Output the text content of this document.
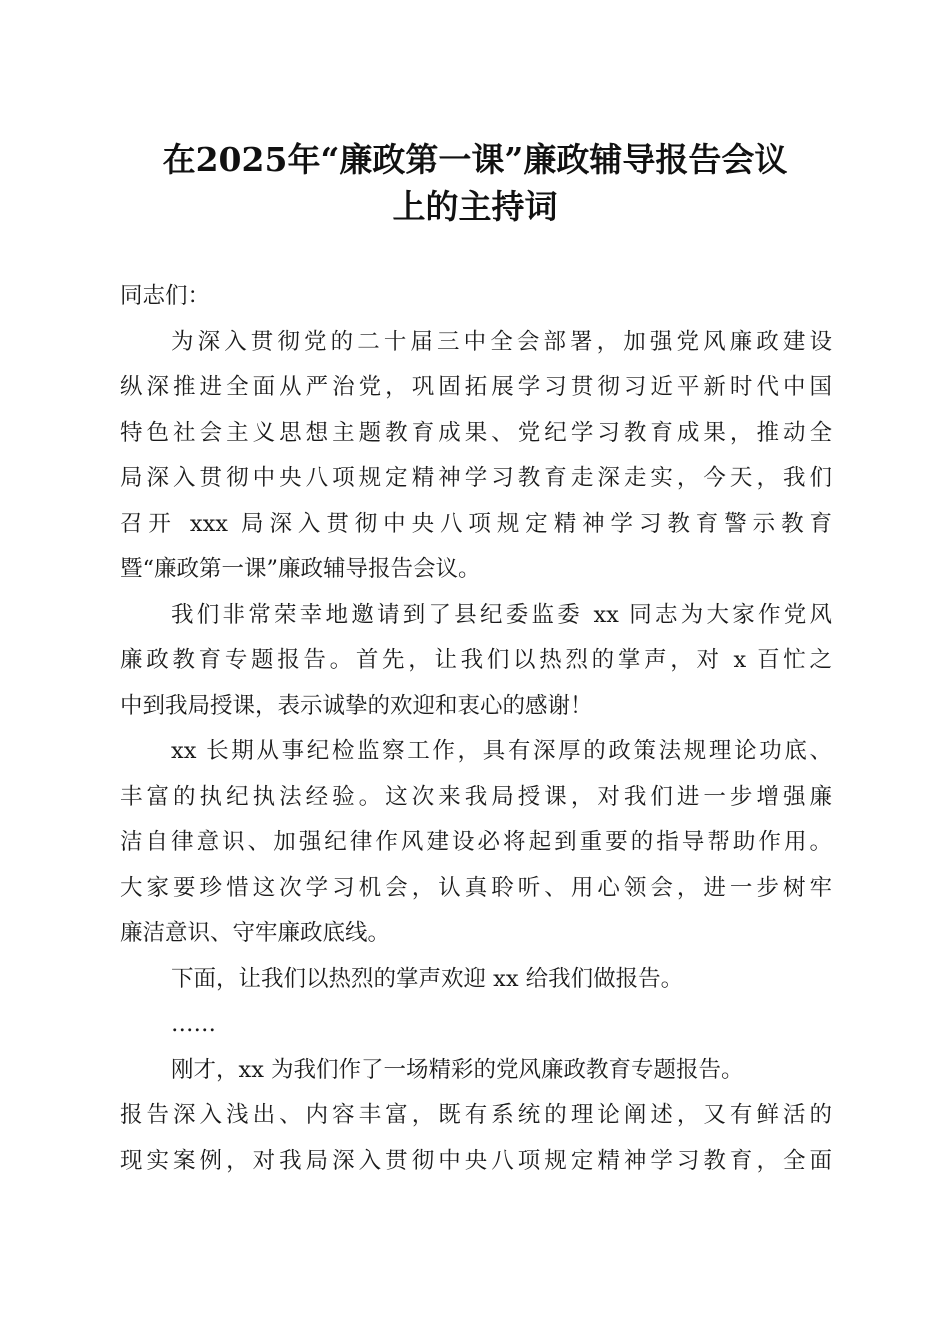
在2025年“廉政第一课”廉政辅导报告会议
上的主持词
同志们：
为深入贯彻党的二十届三中全会部署，加强党风廉政建设
纵深推进全面从严治党，巩固拓展学习贯彻习近平新时代中国
特色社会主义思想主题教育成果、党纪学习教育成果，推动全
局深入贯彻中央八项规定精神学习教育走深走实，今天，我们
召开 xxx 局深入贯彻中央八项规定精神学习教育警示教育
暨“廉政第一课”廉政辅导报告会议。
我们非常荣幸地邀请到了县纪委监委 xx 同志为大家作党风
廉政教育专题报告。首先，让我们以热烈的掌声，对 x 百忙之
中到我局授课，表示诚挚的欢迎和衷心的感谢！
xx 长期从事纪检监察工作，具有深厚的政策法规理论功底、
丰富的执纪执法经验。这次来我局授课，对我们进一步增强廉
洁自律意识、加强纪律作风建设必将起到重要的指导帮助作用。
大家要珍惜这次学习机会，认真聆听、用心领会，进一步树牢
廉洁意识、守牢廉政底线。
下面，让我们以热烈的掌声欢迎 xx 给我们做报告。
……
刚才，xx 为我们作了一场精彩的党风廉政教育专题报告。
报告深入浅出、内容丰富，既有系统的理论阐述，又有鲜活的
现实案例，对我局深入贯彻中央八项规定精神学习教育，全面
